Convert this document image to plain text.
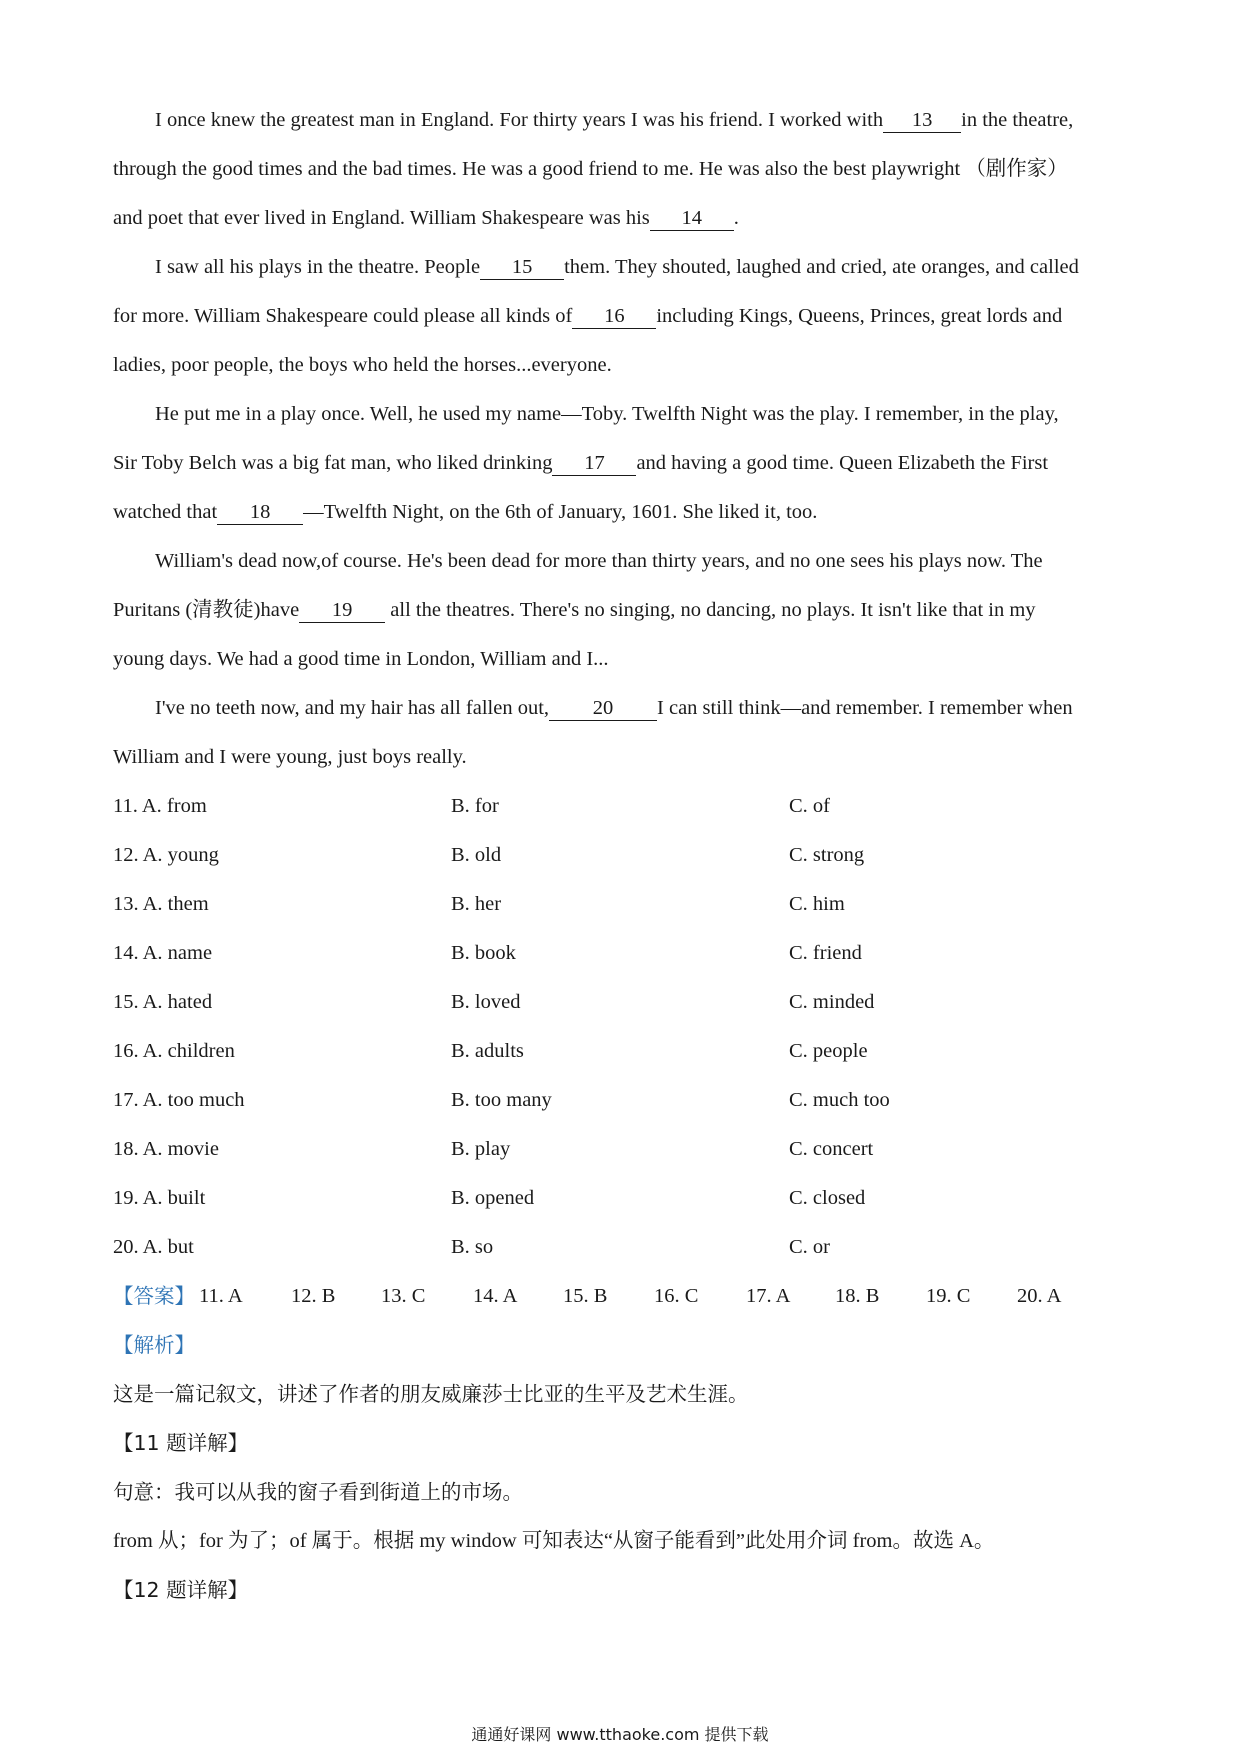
I once knew the greatest man in England. For thirty years I was his friend. I worked with 13 in the theatre,
through the good times and the bad times. He was a good friend to me. He was also the best playwright （剧作家）
and poet that ever lived in England. William Shakespeare was his 14 .
I saw all his plays in the theatre. People 15 them. They shouted, laughed and cried, ate oranges, and called
for more. William Shakespeare could please all kinds of 16 including Kings, Queens, Princes, great lords and
ladies, poor people, the boys who held the horses...everyone.
He put me in a play once. Well, he used my name—Toby. Twelfth Night was the play. I remember, in the play,
Sir Toby Belch was a big fat man, who liked drinking 17 and having a good time. Queen Elizabeth the First
watched that 18 —Twelfth Night, on the 6th of January, 1601. She liked it, too.
William's dead now,of course. He's been dead for more than thirty years, and no one sees his plays now. The
Puritans (清教徒)have 19 all the theatres. There's no singing, no dancing, no plays. It isn't like that in my
young days. We had a good time in London, William and I...
I've no teeth now, and my hair has all fallen out, 20 I can still think—and remember. I remember when
William and I were young, just boys really.
11. A. from	B. for	C. of
12. A. young	B. old	C. strong
13. A. them	B. her	C. him
14. A. name	B. book	C. friend
15. A. hated	B. loved	C. minded
16. A. children	B. adults	C. people
17. A. too much	B. too many	C. much too
18. A. movie	B. play	C. concert
19. A. built	B. opened	C. closed
20. A. but	B. so	C. or
【答案】 11. A 12. B 13. C 14. A 15. B 16. C 17. A 18. B 19. C 20. A
【解析】
这是一篇记叙文，讲述了作者的朋友威廉莎士比亚的生平及艺术生涯。
【11 题详解】
句意：我可以从我的窗子看到街道上的市场。
from 从；for 为了；of 属于。根据 my window 可知表达“从窗子能看到”此处用介词 from。故选 A。
【12 题详解】
通通好课网 www.tthaoke.com 提供下载
